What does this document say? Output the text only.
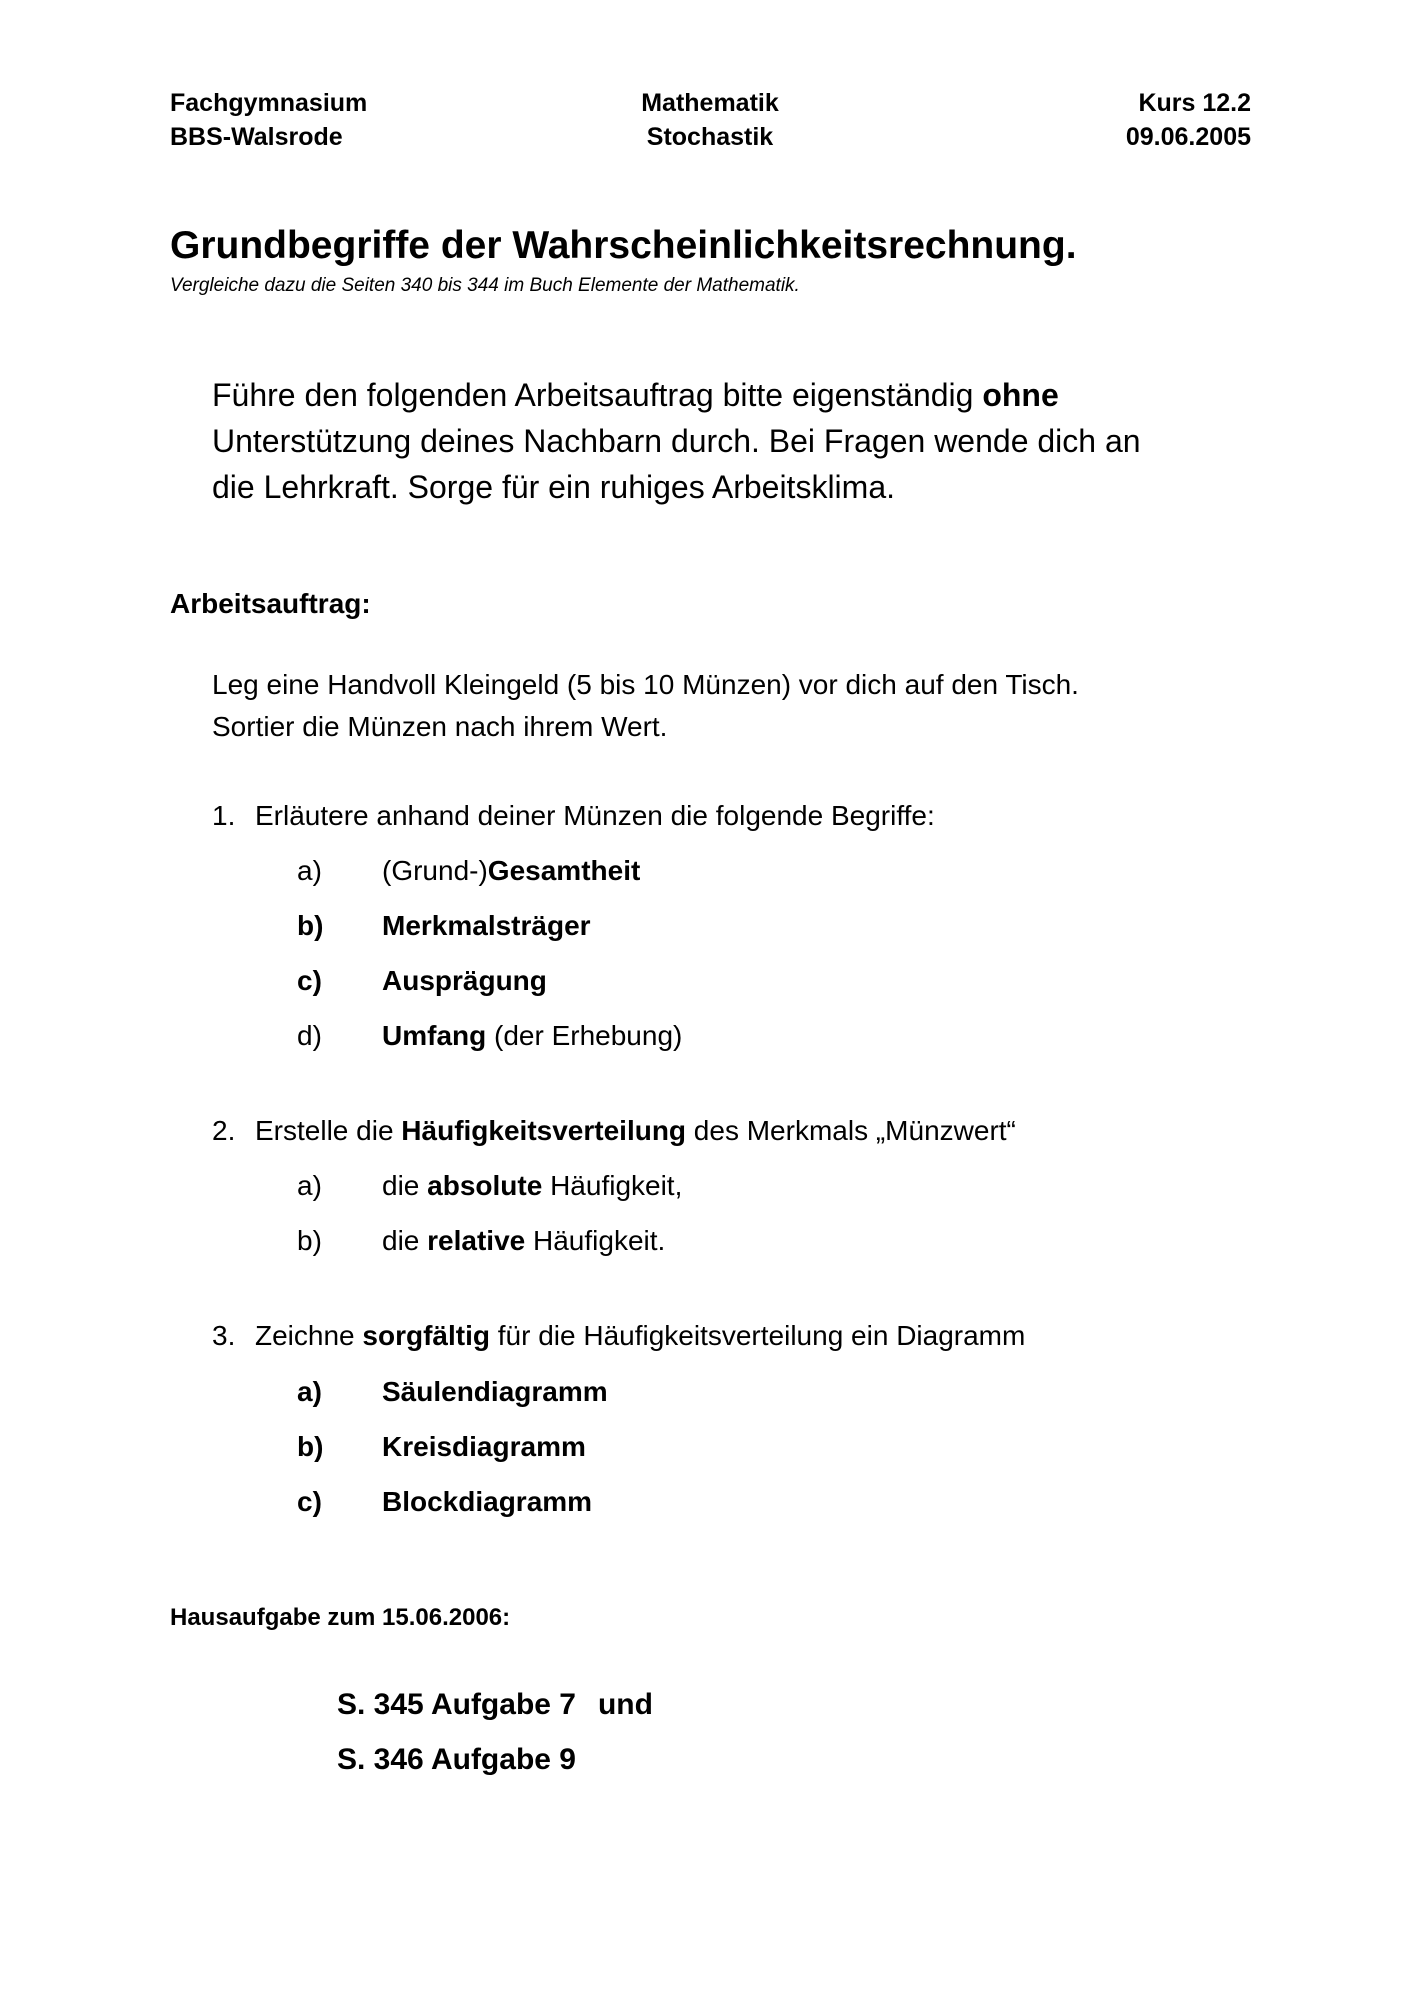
Fachgymnasium
BBS-Walsrode
Mathematik
Stochastik
Kurs 12.2
09.06.2005
Grundbegriffe der Wahrscheinlichkeitsrechnung.
Vergleiche dazu die Seiten 340 bis 344 im Buch Elemente der Mathematik.
Führe den folgenden Arbeitsauftrag bitte eigenständig ohne
Unterstützung deines Nachbarn durch. Bei Fragen wende dich an
die Lehrkraft. Sorge für ein ruhiges Arbeitsklima.
Arbeitsauftrag:
Leg eine Handvoll Kleingeld (5 bis 10 Münzen) vor dich auf den Tisch.
Sortier die Münzen nach ihrem Wert.
1. Erläutere anhand deiner Münzen die folgende Begriffe:
a) (Grund-)Gesamtheit
b) Merkmalsträger
c) Ausprägung
d) Umfang (der Erhebung)
2. Erstelle die Häufigkeitsverteilung des Merkmals „Münzwert“
a) die absolute Häufigkeit,
b) die relative Häufigkeit.
3. Zeichne sorgfältig für die Häufigkeitsverteilung ein Diagramm
a) Säulendiagramm
b) Kreisdiagramm
c) Blockdiagramm
Hausaufgabe zum 15.06.2006:
S. 345 Aufgabe 7 und
S. 346 Aufgabe 9
